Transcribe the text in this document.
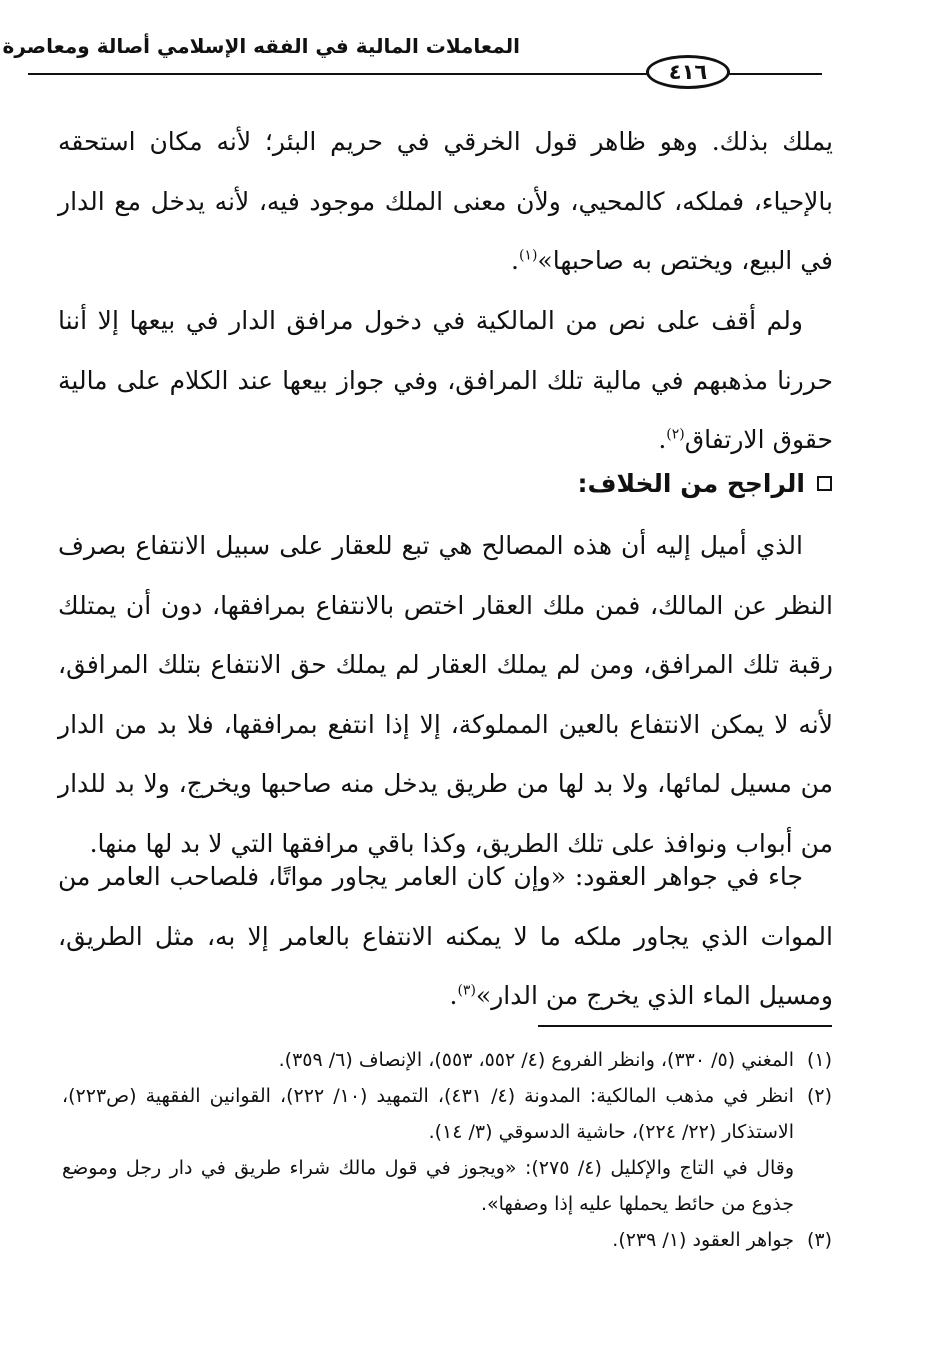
المعاملات المالية في الفقه الإسلامي أصالة ومعاصرة
٤١٦
يملك بذلك. وهو ظاهر قول الخرقي في حريم البئر؛ لأنه مكان استحقه بالإحياء، فملكه، كالمحيي، ولأن معنى الملك موجود فيه، لأنه يدخل مع الدار في البيع، ويختص به صاحبها»$^{(١)}$.
ولم أقف على نص من المالكية في دخول مرافق الدار في بيعها إلا أننا حررنا مذهبهم في مالية تلك المرافق، وفي جواز بيعها عند الكلام على مالية حقوق الارتفاق$^{(٢)}$.
الراجح من الخلاف:
الذي أميل إليه أن هذه المصالح هي تبع للعقار على سبيل الانتفاع بصرف النظر عن المالك، فمن ملك العقار اختص بالانتفاع بمرافقها، دون أن يمتلك رقبة تلك المرافق، ومن لم يملك العقار لم يملك حق الانتفاع بتلك المرافق، لأنه لا يمكن الانتفاع بالعين المملوكة، إلا إذا انتفع بمرافقها، فلا بد من الدار من مسيل لمائها، ولا بد لها من طريق يدخل منه صاحبها ويخرج، ولا بد للدار من أبواب ونوافذ على تلك الطريق، وكذا باقي مرافقها التي لا بد لها منها.
جاء في جواهر العقود: «وإن كان العامر يجاور مواتًا، فلصاحب العامر من الموات الذي يجاور ملكه ما لا يمكنه الانتفاع بالعامر إلا به، مثل الطريق، ومسيل الماء الذي يخرج من الدار»$^{(٣)}$.
(١)
المغني (٥/ ٣٣٠)، وانظر الفروع (٤/ ٥٥٢، ٥٥٣)، الإنصاف (٦/ ٣٥٩).
(٢)
انظر في مذهب المالكية: المدونة (٤/ ٤٣١)، التمهيد (١٠/ ٢٢٢)، القوانين الفقهية (ص٢٢٣)، الاستذكار (٢٢/ ٢٢٤)، حاشية الدسوقي (٣/ ١٤).
وقال في التاج والإكليل (٤/ ٢٧٥): «ويجوز في قول مالك شراء طريق في دار رجل وموضع جذوع من حائط يحملها عليه إذا وصفها».
(٣)
جواهر العقود (١/ ٢٣٩).
